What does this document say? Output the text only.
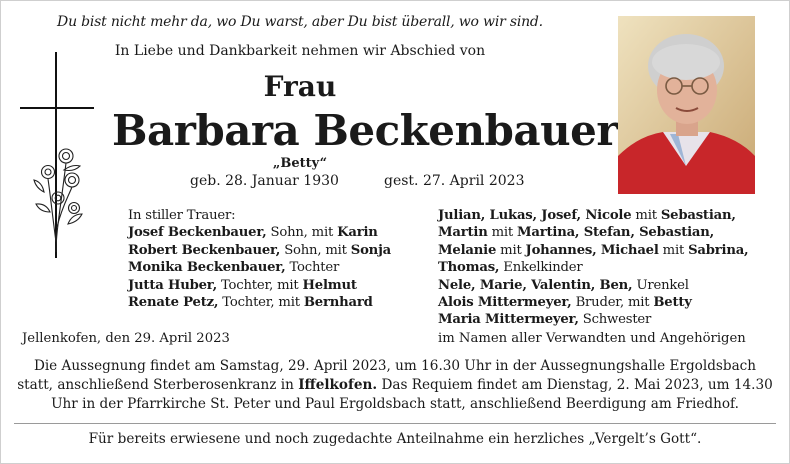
Du bist nicht mehr da, wo Du warst, aber Du bist überall, wo wir sind.
In Liebe und Dankbarkeit nehmen wir Abschied von
Frau
Barbara Beckenbauer
„Betty“
geb. 28. Januar 1930	gest. 27. April 2023
In stiller Trauer:
Josef Beckenbauer, Sohn, mit Karin
Robert Beckenbauer, Sohn, mit Sonja
Monika Beckenbauer, Tochter
Jutta Huber, Tochter, mit Helmut
Renate Petz, Tochter, mit Bernhard
Julian, Lukas, Josef, Nicole mit Sebastian,
Martin mit Martina, Stefan, Sebastian,
Melanie mit Johannes, Michael mit Sabrina,
Thomas, Enkelkinder
Nele, Marie, Valentin, Ben, Urenkel
Alois Mittermeyer, Bruder, mit Betty
Maria Mittermeyer, Schwester
Jellenkofen, den 29. April 2023	im Namen aller Verwandten und Angehörigen
Die Aussegnung findet am Samstag, 29. April 2023, um 16.30 Uhr in der Aussegnungshalle Ergoldsbach statt, anschließend Sterberosenkranz in Iffelkofen. Das Requiem findet am Dienstag, 2. Mai 2023, um 14.30 Uhr in der Pfarrkirche St. Peter und Paul Ergoldsbach statt, anschließend Beerdigung am Friedhof.
Für bereits erwiesene und noch zugedachte Anteilnahme ein herzliches „Vergelt’s Gott“.
